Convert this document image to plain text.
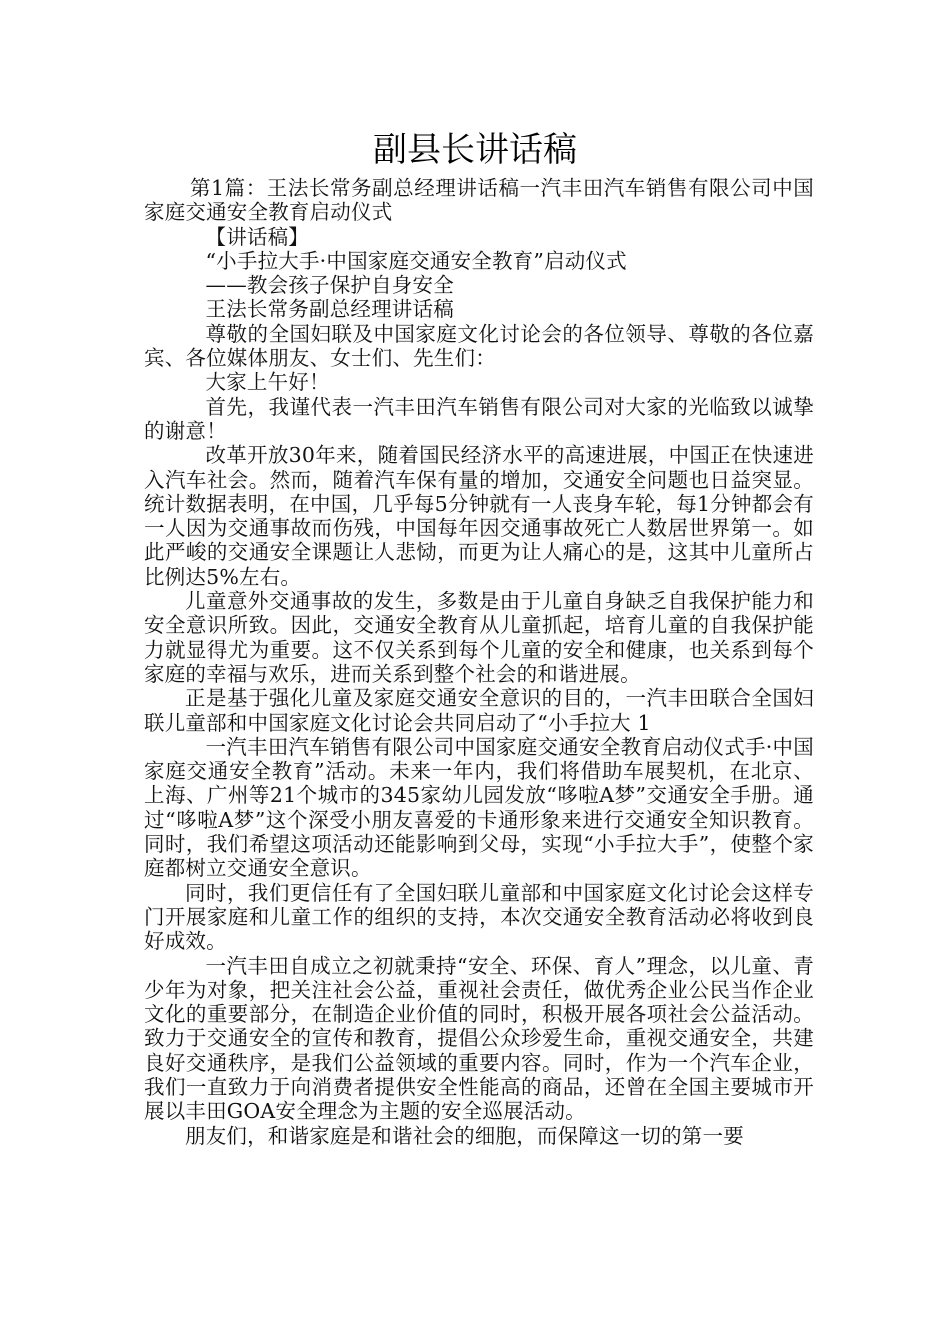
副县长讲话稿

第1篇：王法长常务副总经理讲话稿一汽丰田汽车销售有限公司中国家庭交通安全教育启动仪式

【讲话稿】

“小手拉大手·中国家庭交通安全教育”启动仪式

——教会孩子保护自身安全

王法长常务副总经理讲话稿

尊敬的全国妇联及中国家庭文化讨论会的各位领导、尊敬的各位嘉宾、各位媒体朋友、女士们、先生们：

大家上午好！

首先，我谨代表一汽丰田汽车销售有限公司对大家的光临致以诚挚的谢意！

改革开放30年来，随着国民经济水平的高速进展，中国正在快速进入汽车社会。然而，随着汽车保有量的增加，交通安全问题也日益突显。统计数据表明，在中国，几乎每5分钟就有一人丧身车轮，每1分钟都会有一人因为交通事故而伤残，中国每年因交通事故死亡人数居世界第一。如此严峻的交通安全课题让人悲恸，而更为让人痛心的是，这其中儿童所占比例达5%左右。

儿童意外交通事故的发生，多数是由于儿童自身缺乏自我保护能力和安全意识所致。因此，交通安全教育从儿童抓起，培育儿童的自我保护能力就显得尤为重要。这不仅关系到每个儿童的安全和健康，也关系到每个家庭的幸福与欢乐，进而关系到整个社会的和谐进展。

正是基于强化儿童及家庭交通安全意识的目的，一汽丰田联合全国妇联儿童部和中国家庭文化讨论会共同启动了“小手拉大 1

一汽丰田汽车销售有限公司中国家庭交通安全教育启动仪式手·中国家庭交通安全教育”活动。未来一年内，我们将借助车展契机，在北京、上海、广州等21个城市的345家幼儿园发放“哆啦A梦”交通安全手册。通过“哆啦A梦”这个深受小朋友喜爱的卡通形象来进行交通安全知识教育。同时，我们希望这项活动还能影响到父母，实现“小手拉大手”，使整个家庭都树立交通安全意识。

同时，我们更信任有了全国妇联儿童部和中国家庭文化讨论会这样专门开展家庭和儿童工作的组织的支持，本次交通安全教育活动必将收到良好成效。

一汽丰田自成立之初就秉持“安全、环保、育人”理念，以儿童、青少年为对象，把关注社会公益，重视社会责任，做优秀企业公民当作企业文化的重要部分，在制造企业价值的同时，积极开展各项社会公益活动。致力于交通安全的宣传和教育，提倡公众珍爱生命，重视交通安全，共建良好交通秩序，是我们公益领域的重要内容。同时，作为一个汽车企业，我们一直致力于向消费者提供安全性能高的商品，还曾在全国主要城市开展以丰田GOA安全理念为主题的安全巡展活动。

朋友们，和谐家庭是和谐社会的细胞，而保障这一切的第一要
